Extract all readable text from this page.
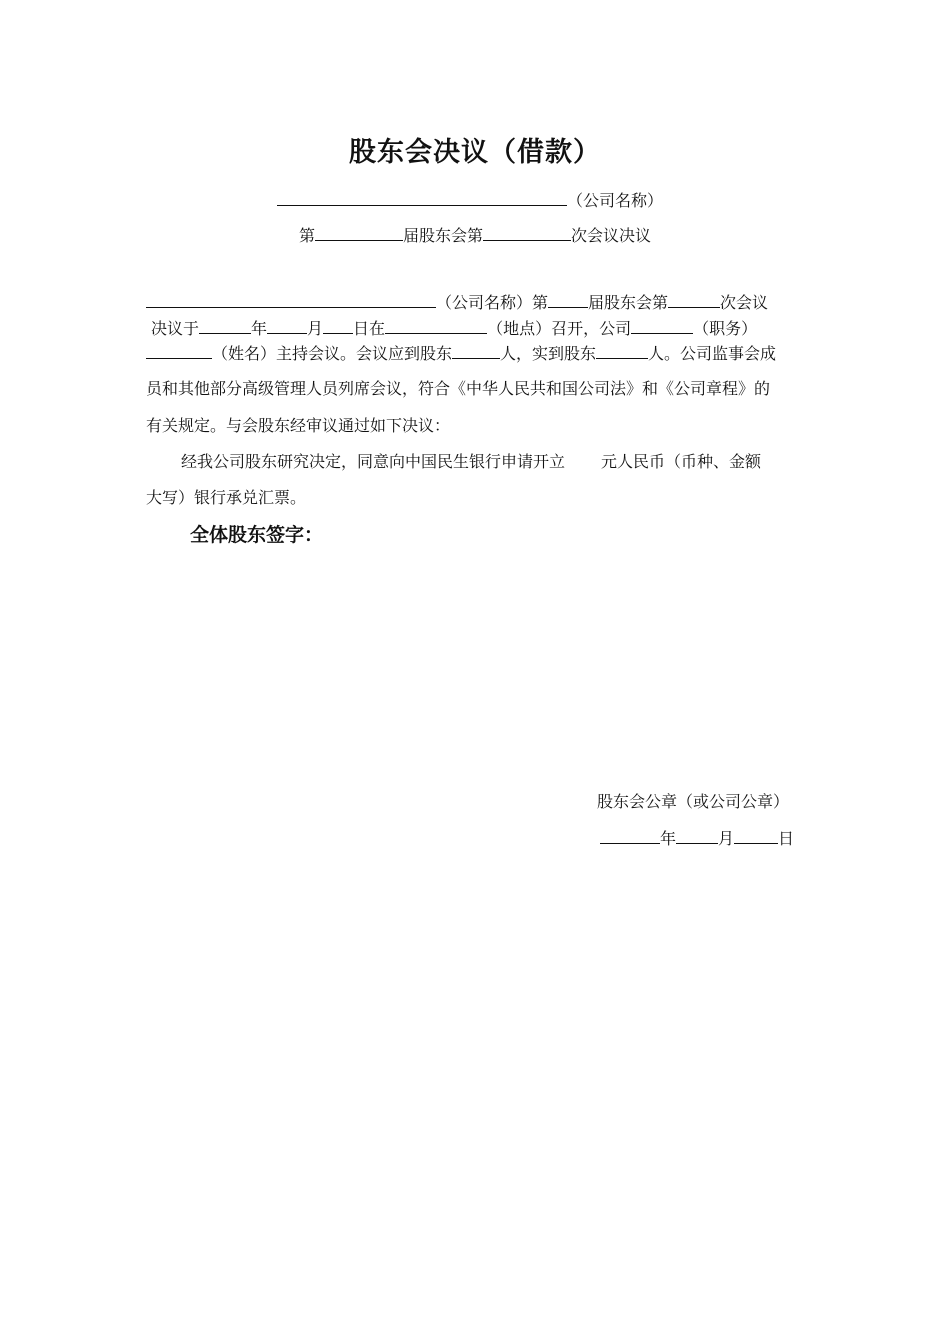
股东会决议（借款）
（公司名称）
第	届股东会第	次会议决议
（公司名称）第	届股东会第	次会议
决议于	年	月 日在	（地点）召开，公司	（职务）
（姓名）主持会议。会议应到股东	人，实到股东	人。公司监事会成
员和其他部分高级管理人员列席会议，符合《中华人民共和国公司法》和《公司章程》的
有关规定。与会股东经审议通过如下决议：
经我公司股东研究决定，同意向中国民生银行申请开立 元人民币（币种、金额
大写）银行承兑汇票。
全体股东签字：
股东会公章（或公司公章）
年	月	日
